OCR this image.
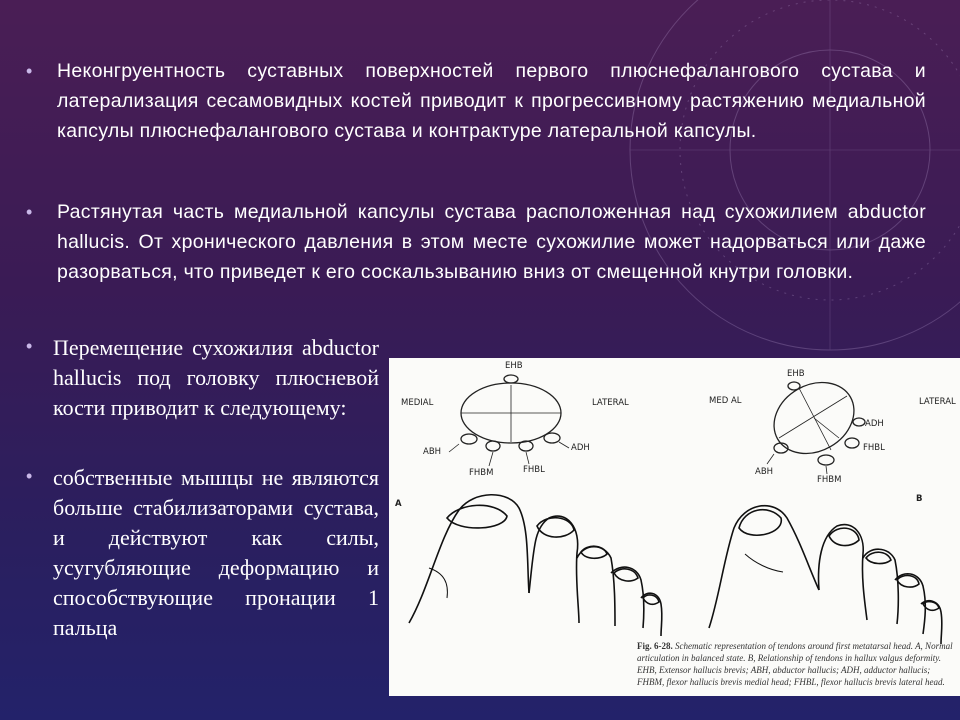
•	Неконгруентность суставных поверхностей первого плюснефалангового сустава и латерализация сесамовидных костей приводит к прогрессивному растяжению медиальной капсулы плюснефалангового сустава и контрактуре латеральной капсулы.
•	Растянутая часть медиальной капсулы сустава расположенная над сухожилием abductor hallucis. От хронического давления в этом месте сухожилие может надорваться или даже разорваться, что приведет к его соскальзыванию вниз от смещенной кнутри головки.
• Перемещение сухожилия abductor hallucis под головку плюсневой кости приводит к следующему:
• собственные мышцы не являются больше стабилизаторами сустава, и действуют как силы, усугубляющие деформацию и способствующие пронации 1 пальца
EHB
MEDIAL	LATERAL
ABH	ADH
FHBM	FHBL
EHB
MED AL	LATERAL
ADH
FHBL
ABH
FHBM
A	B
Fig. 6-28. Schematic representation of tendons around first metatarsal head. A, Normal articulation in balanced state. B, Relationship of tendons in hallux valgus deformity. EHB, Extensor hallucis brevis; ABH, abductor hallucis; ADH, adductor hallucis; FHBM, flexor hallucis brevis medial head; FHBL, flexor hallucis brevis lateral head.
